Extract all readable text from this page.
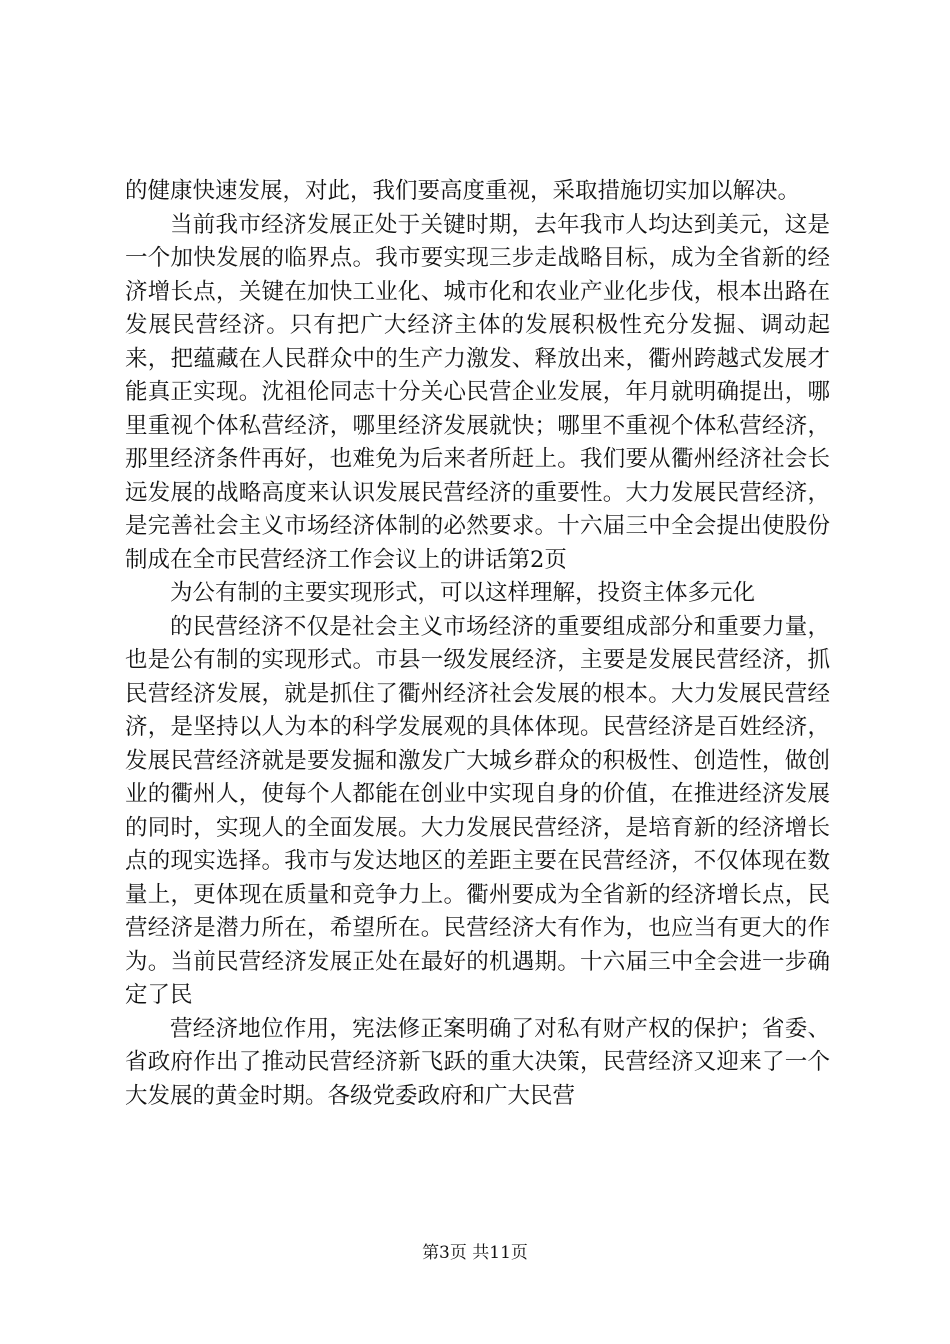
的健康快速发展，对此，我们要高度重视，采取措施切实加以解决。

当前我市经济发展正处于关键时期，去年我市人均达到美元，这是一个加快发展的临界点。我市要实现三步走战略目标，成为全省新的经济增长点，关键在加快工业化、城市化和农业产业化步伐，根本出路在发展民营经济。只有把广大经济主体的发展积极性充分发掘、调动起来，把蕴藏在人民群众中的生产力激发、释放出来，衢州跨越式发展才能真正实现。沈祖伦同志十分关心民营企业发展，年月就明确提出，哪里重视个体私营经济，哪里经济发展就快；哪里不重视个体私营经济，那里经济条件再好，也难免为后来者所赶上。我们要从衢州经济社会长远发展的战略高度来认识发展民营经济的重要性。大力发展民营经济，是完善社会主义市场经济体制的必然要求。十六届三中全会提出使股份制成在全市民营经济工作会议上的讲话第2页

为公有制的主要实现形式，可以这样理解，投资主体多元化

的民营经济不仅是社会主义市场经济的重要组成部分和重要力量，也是公有制的实现形式。市县一级发展经济，主要是发展民营经济，抓民营经济发展，就是抓住了衢州经济社会发展的根本。大力发展民营经济，是坚持以人为本的科学发展观的具体体现。民营经济是百姓经济，发展民营经济就是要发掘和激发广大城乡群众的积极性、创造性，做创业的衢州人，使每个人都能在创业中实现自身的价值，在推进经济发展的同时，实现人的全面发展。大力发展民营经济，是培育新的经济增长点的现实选择。我市与发达地区的差距主要在民营经济，不仅体现在数量上，更体现在质量和竞争力上。衢州要成为全省新的经济增长点，民营经济是潜力所在，希望所在。民营经济大有作为，也应当有更大的作为。当前民营经济发展正处在最好的机遇期。十六届三中全会进一步确定了民

营经济地位作用，宪法修正案明确了对私有财产权的保护；省委、省政府作出了推动民营经济新飞跃的重大决策，民营经济又迎来了一个大发展的黄金时期。各级党委政府和广大民营

第3页 共11页
